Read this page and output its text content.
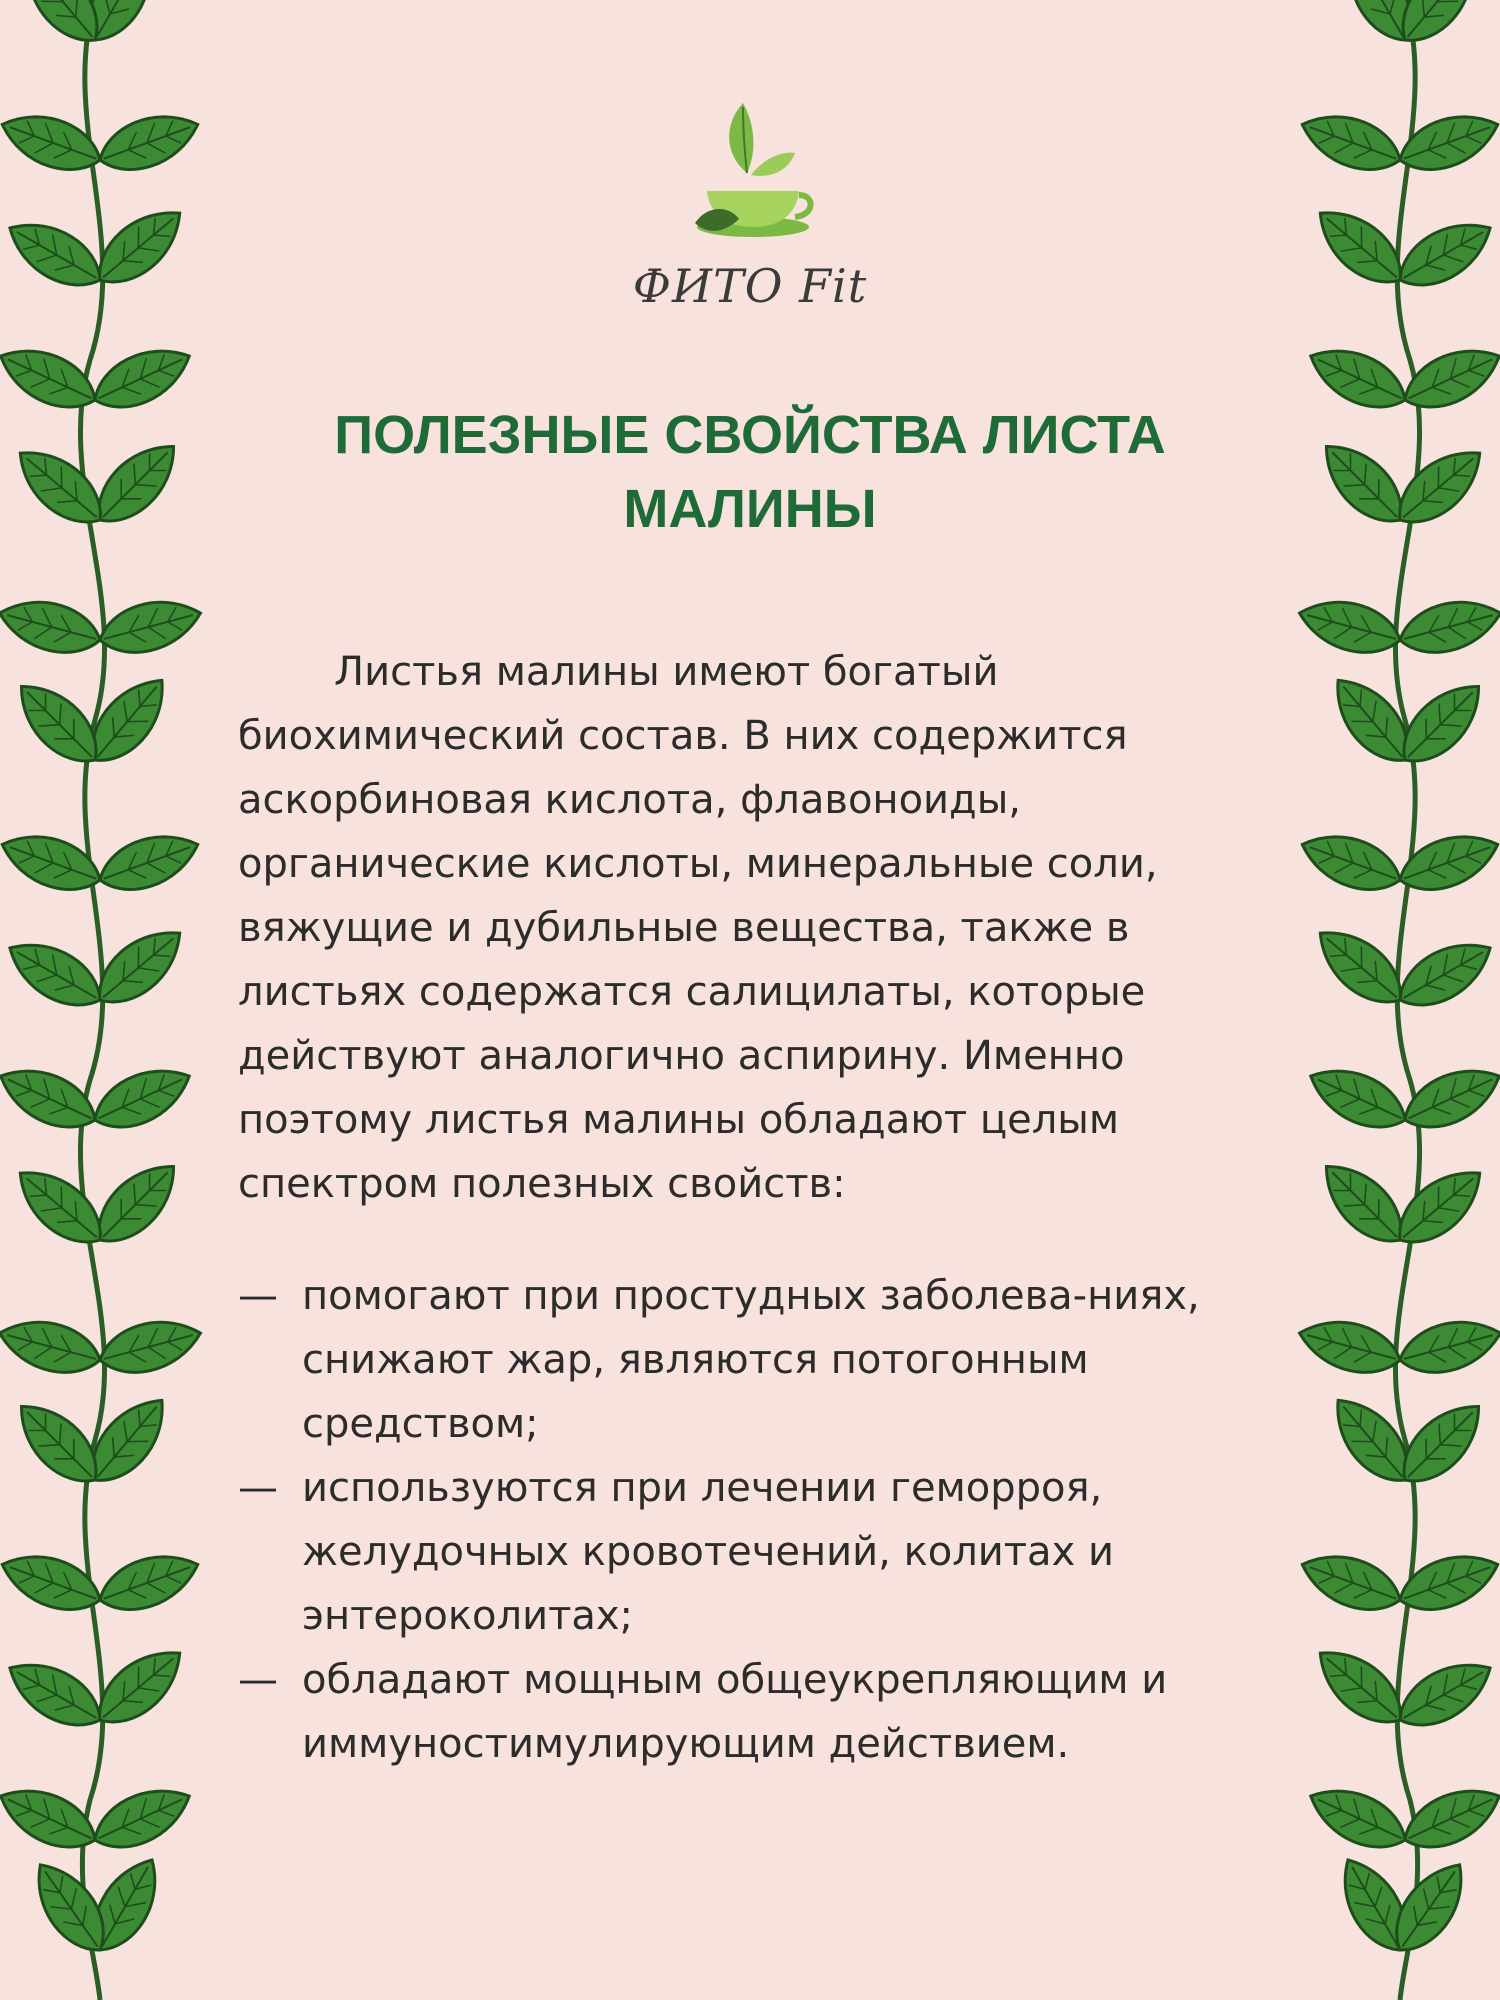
ФИТО Fit
ПОЛЕЗНЫЕ СВОЙСТВА ЛИСТА
МАЛИНЫ

Листья малины имеют богатый биохимический состав. В них содержится аскорбиновая кислота, флавоноиды, органические кислоты, минеральные соли, вяжущие и дубильные вещества, также в листьях содержатся салицилаты, которые действуют аналогично аспирину. Именно поэтому листья малины обладают целым спектром полезных свойств:

— помогают при простудных заболева-ниях, снижают жар, являются потогонным средством;
— используются при лечении геморроя, желудочных кровотечений, колитах и энтероколитах;
— обладают мощным общеукрепляющим и иммуностимулирующим действием.
